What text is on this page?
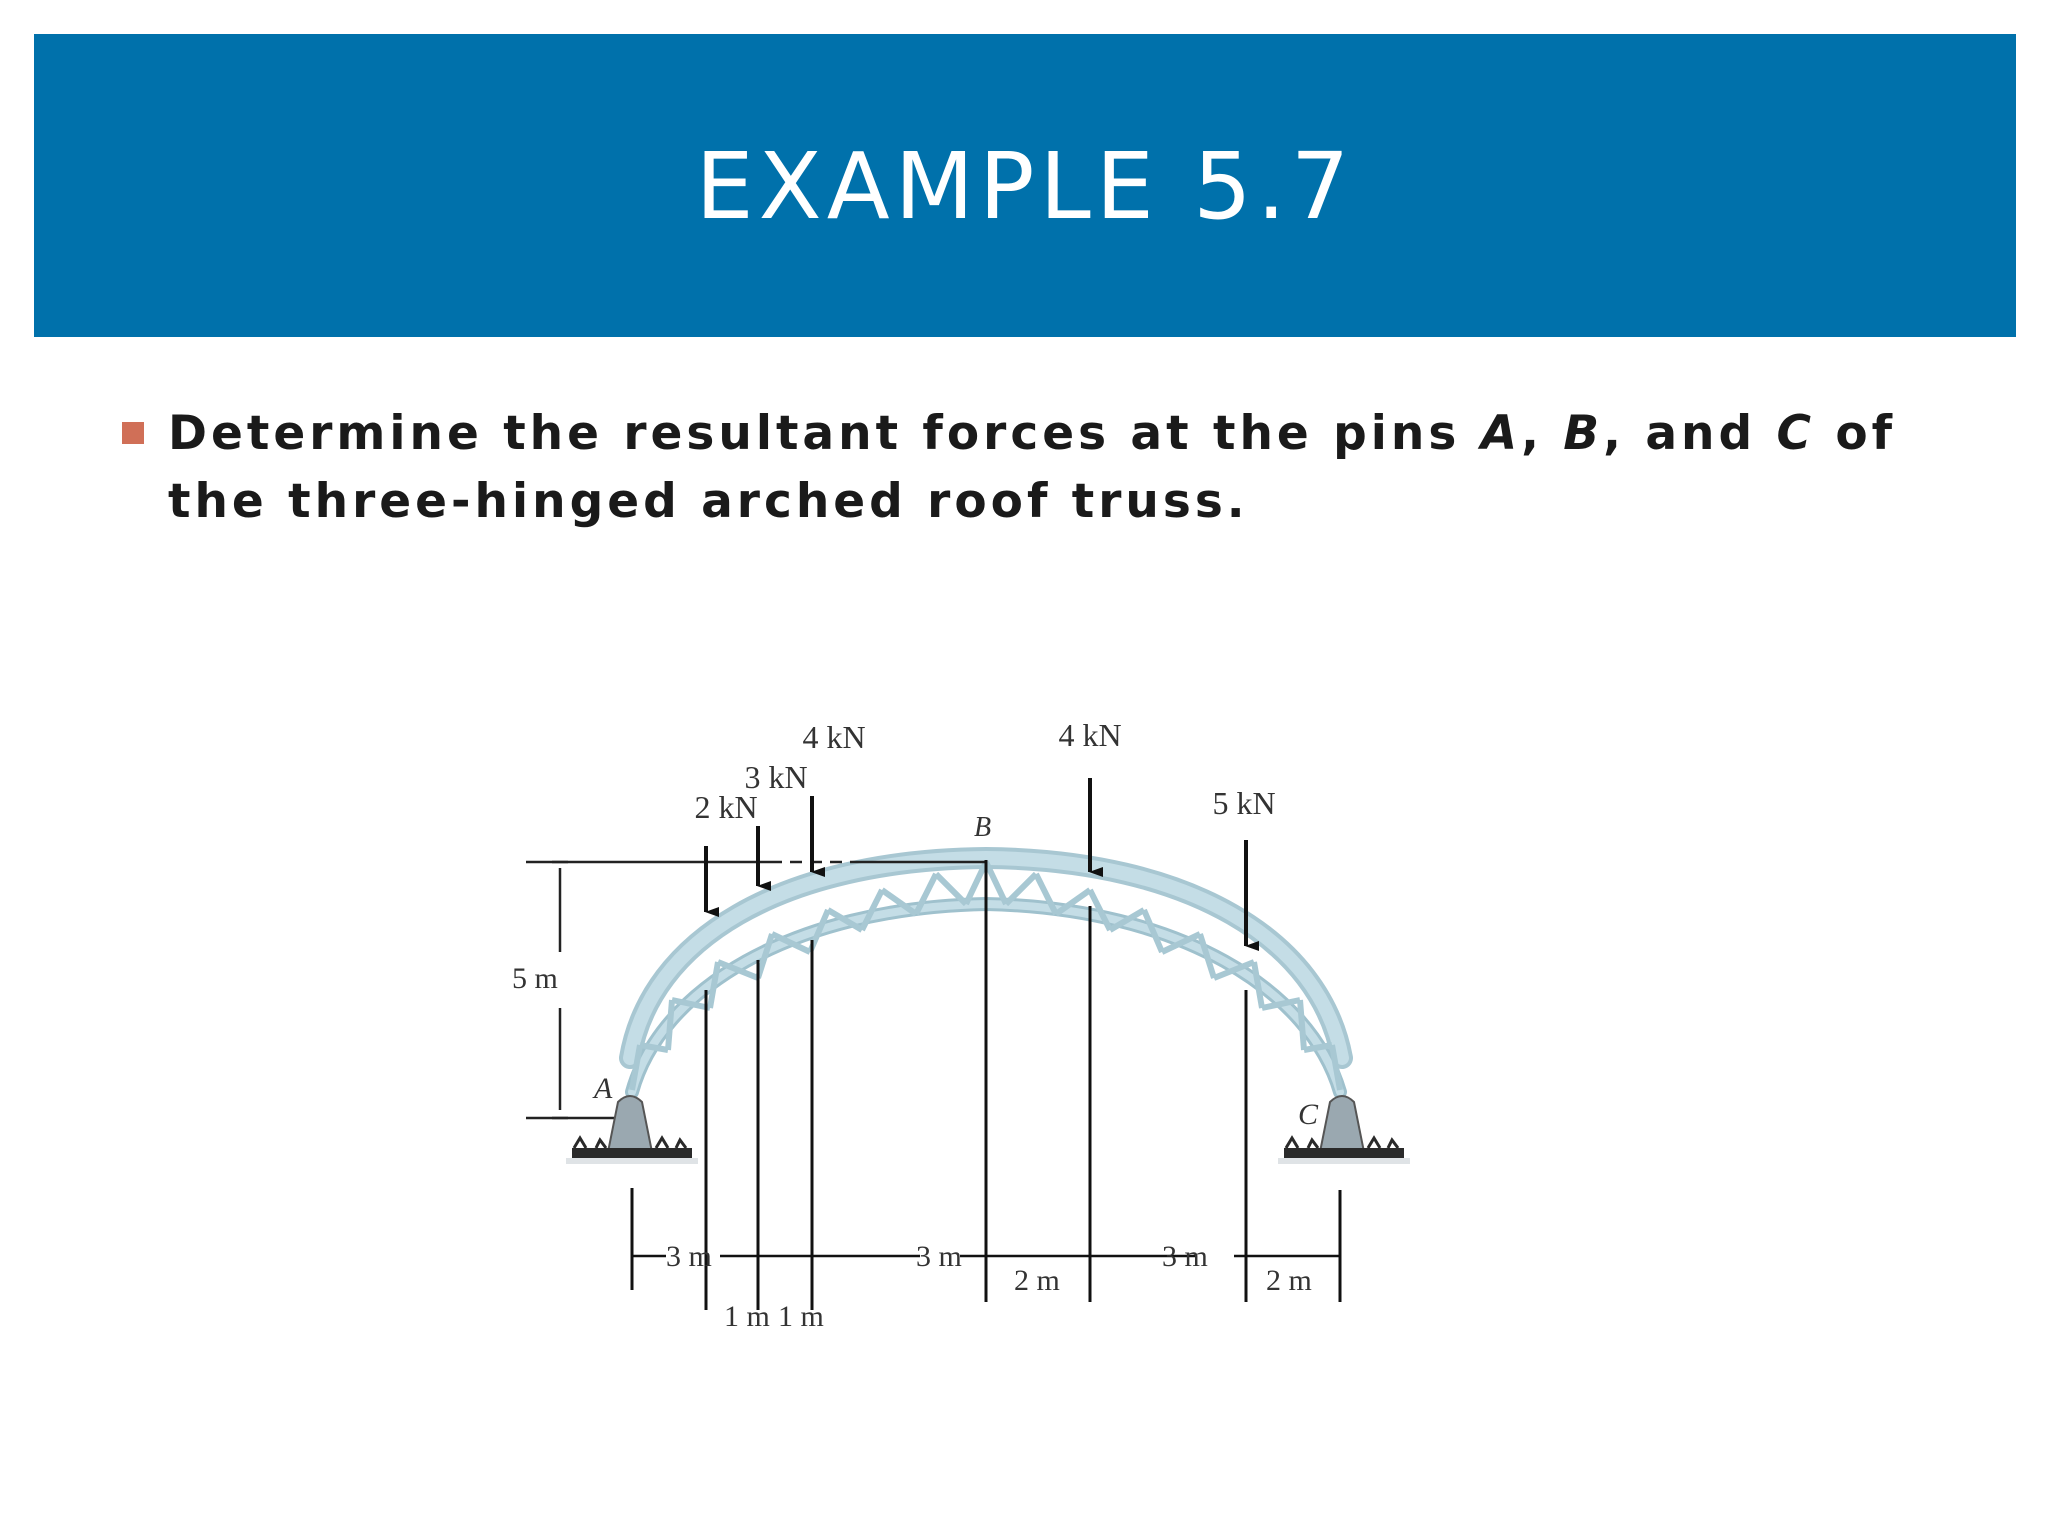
EXAMPLE 5.7
Determine the resultant forces at the pins A, B, and C of the three-hinged arched roof truss.
5 m
A
B
C
2 kN
3 kN
4 kN	4 kN
5 kN
3 m
1 m 1 m
3 m
2 m
3 m
2 m
